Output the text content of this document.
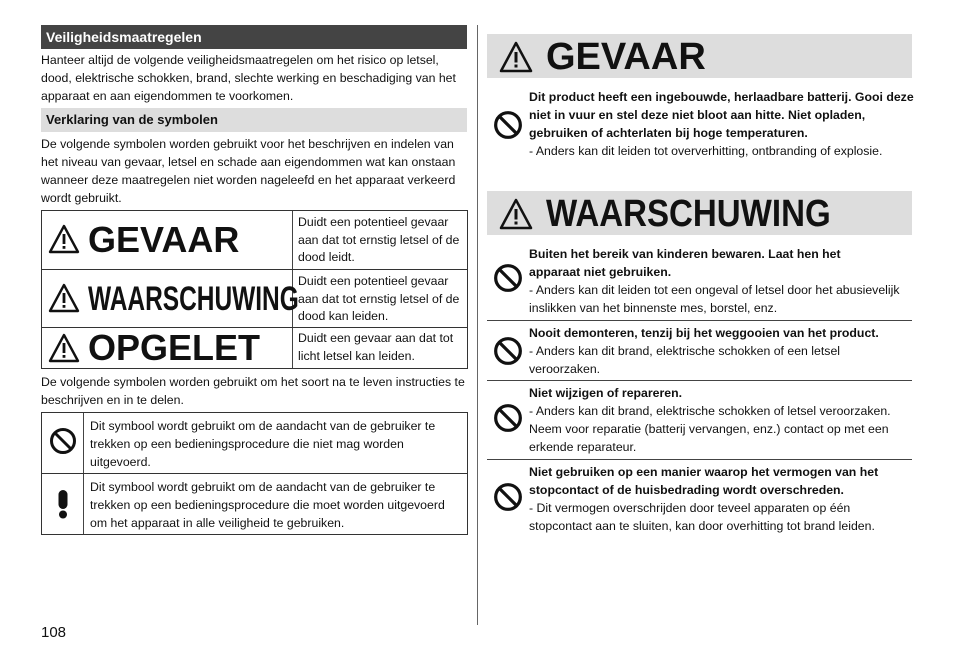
Veiligheidsmaatregelen
Hanteer altijd de volgende veiligheidsmaatregelen om het risico op letsel, dood, elektrische schokken, brand, slechte werking en beschadiging van het apparaat en aan eigendommen te voorkomen.
Verklaring van de symbolen
De volgende symbolen worden gebruikt voor het beschrijven en indelen van het niveau van gevaar, letsel en schade aan eigendommen wat kan onstaan wanneer deze maatregelen niet worden nageleefd en het apparaat verkeerd wordt gebruikt.
GEVAAR	Duidt een potentieel gevaar aan dat tot ernstig letsel of de dood leidt.
WAARSCHUWING Duidt een potentieel gevaar aan dat tot ernstig letsel of de dood kan leiden.
OPGELET	Duidt een gevaar aan dat tot licht letsel kan leiden.
De volgende symbolen worden gebruikt om het soort na te leven instructies te beschrijven en in te delen.
Dit symbool wordt gebruikt om de aandacht van de gebruiker te trekken op een bedieningsprocedure die niet mag worden uitgevoerd.
Dit symbool wordt gebruikt om de aandacht van de gebruiker te trekken op een bedieningsprocedure die moet worden uitgevoerd om het apparaat in alle veiligheid te gebruiken.
108
GEVAAR
Dit product heeft een ingebouwde, herlaadbare batterij. Gooi deze niet in vuur en stel deze niet bloot aan hitte. Niet opladen, gebruiken of achterlaten bij hoge temperaturen.
- Anders kan dit leiden tot oververhitting, ontbranding of explosie.
WAARSCHUWING
Buiten het bereik van kinderen bewaren. Laat hen het apparaat niet gebruiken.
- Anders kan dit leiden tot een ongeval of letsel door het abusievelijk inslikken van het binnenste mes, borstel, enz.
Nooit demonteren, tenzij bij het weggooien van het product.
- Anders kan dit brand, elektrische schokken of een letsel veroorzaken.
Niet wijzigen of repareren.
- Anders kan dit brand, elektrische schokken of letsel veroorzaken. Neem voor reparatie (batterij vervangen, enz.) contact op met een erkende reparateur.
Niet gebruiken op een manier waarop het vermogen van het stopcontact of de huisbedrading wordt overschreden.
- Dit vermogen overschrijden door teveel apparaten op één stopcontact aan te sluiten, kan door overhitting tot brand leiden.
